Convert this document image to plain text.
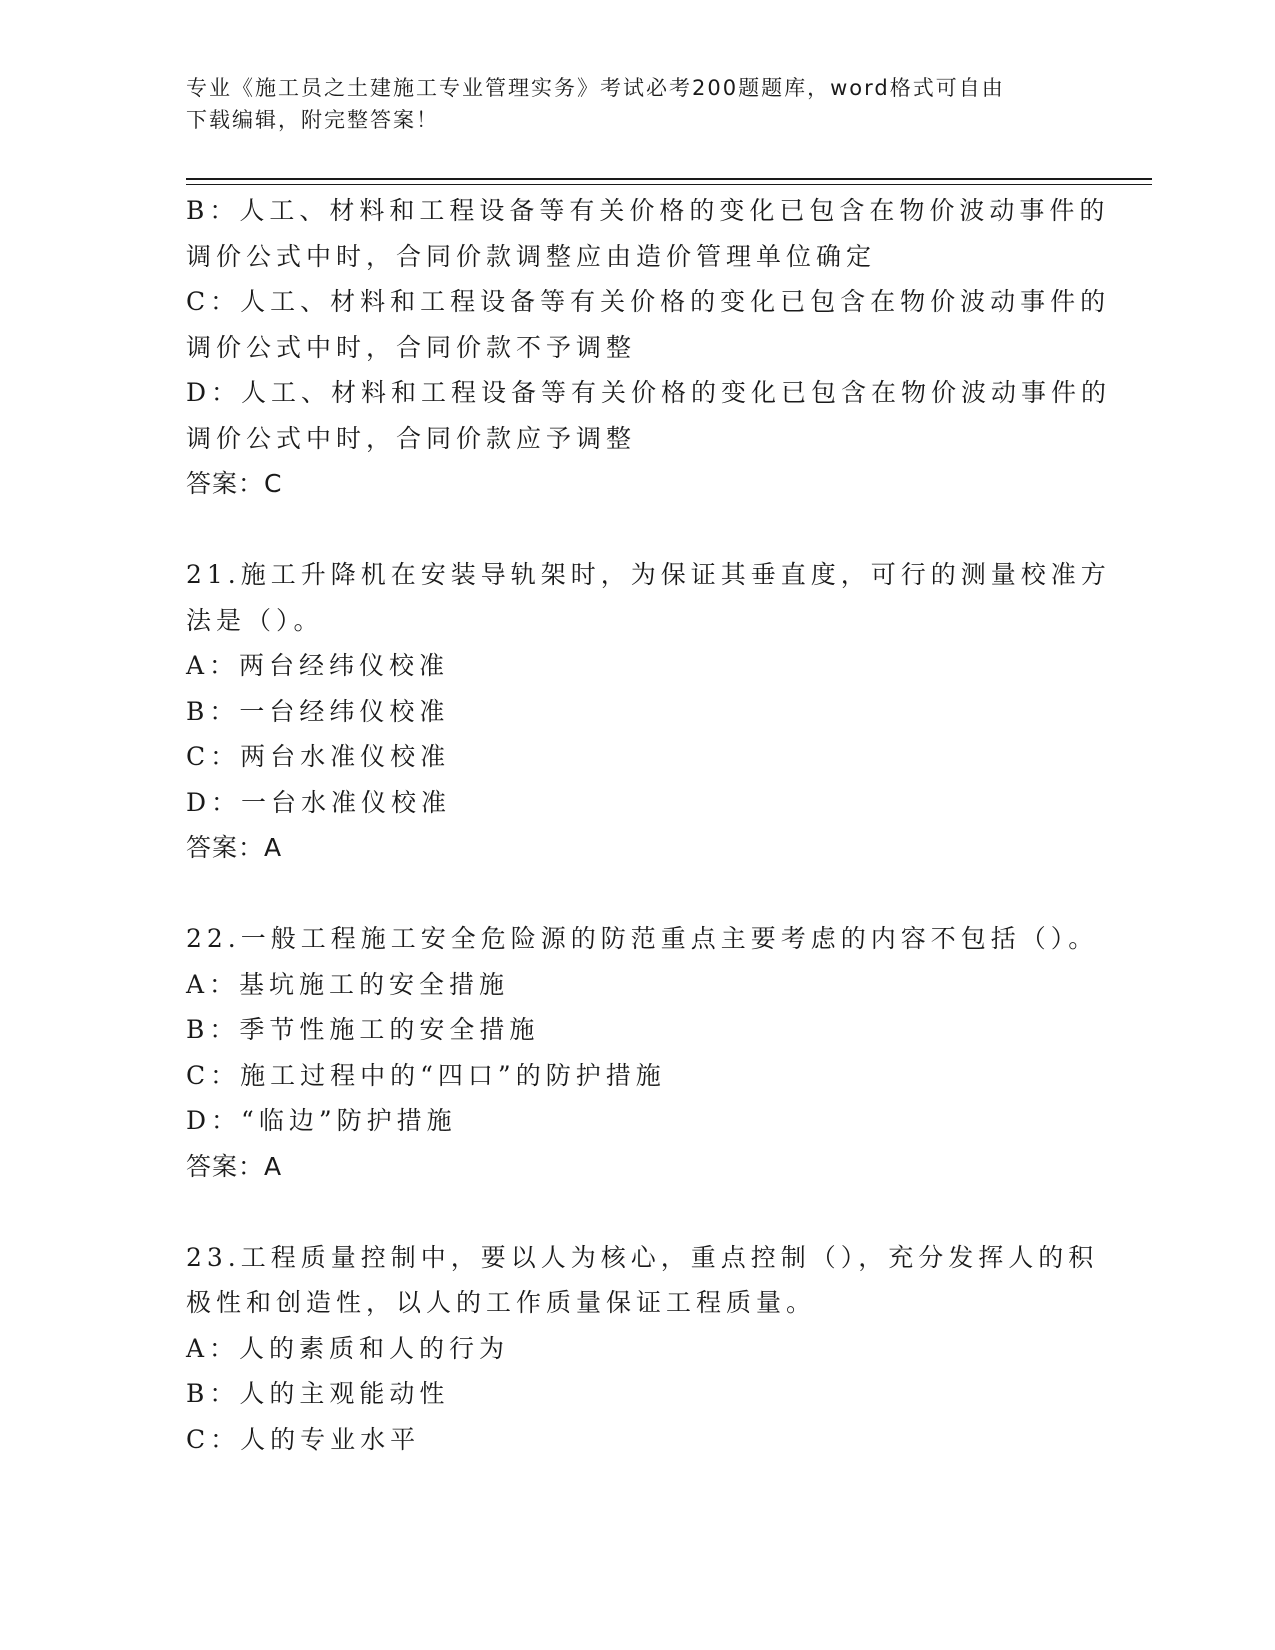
专业《施工员之土建施工专业管理实务》考试必考200题题库，word格式可自由
下载编辑，附完整答案！
B：人工、材料和工程设备等有关价格的变化已包含在物价波动事件的
调价公式中时，合同价款调整应由造价管理单位确定
C：人工、材料和工程设备等有关价格的变化已包含在物价波动事件的
调价公式中时，合同价款不予调整
D：人工、材料和工程设备等有关价格的变化已包含在物价波动事件的
调价公式中时，合同价款应予调整
答案：C
21.施工升降机在安装导轨架时，为保证其垂直度，可行的测量校准方
法是（）。
A：两台经纬仪校准
B：一台经纬仪校准
C：两台水准仪校准
D：一台水准仪校准
答案：A
22.一般工程施工安全危险源的防范重点主要考虑的内容不包括（）。
A：基坑施工的安全措施
B：季节性施工的安全措施
C：施工过程中的“四口”的防护措施
D：“临边”防护措施
答案：A
23.工程质量控制中，要以人为核心，重点控制（），充分发挥人的积
极性和创造性，以人的工作质量保证工程质量。
A：人的素质和人的行为
B：人的主观能动性
C：人的专业水平
